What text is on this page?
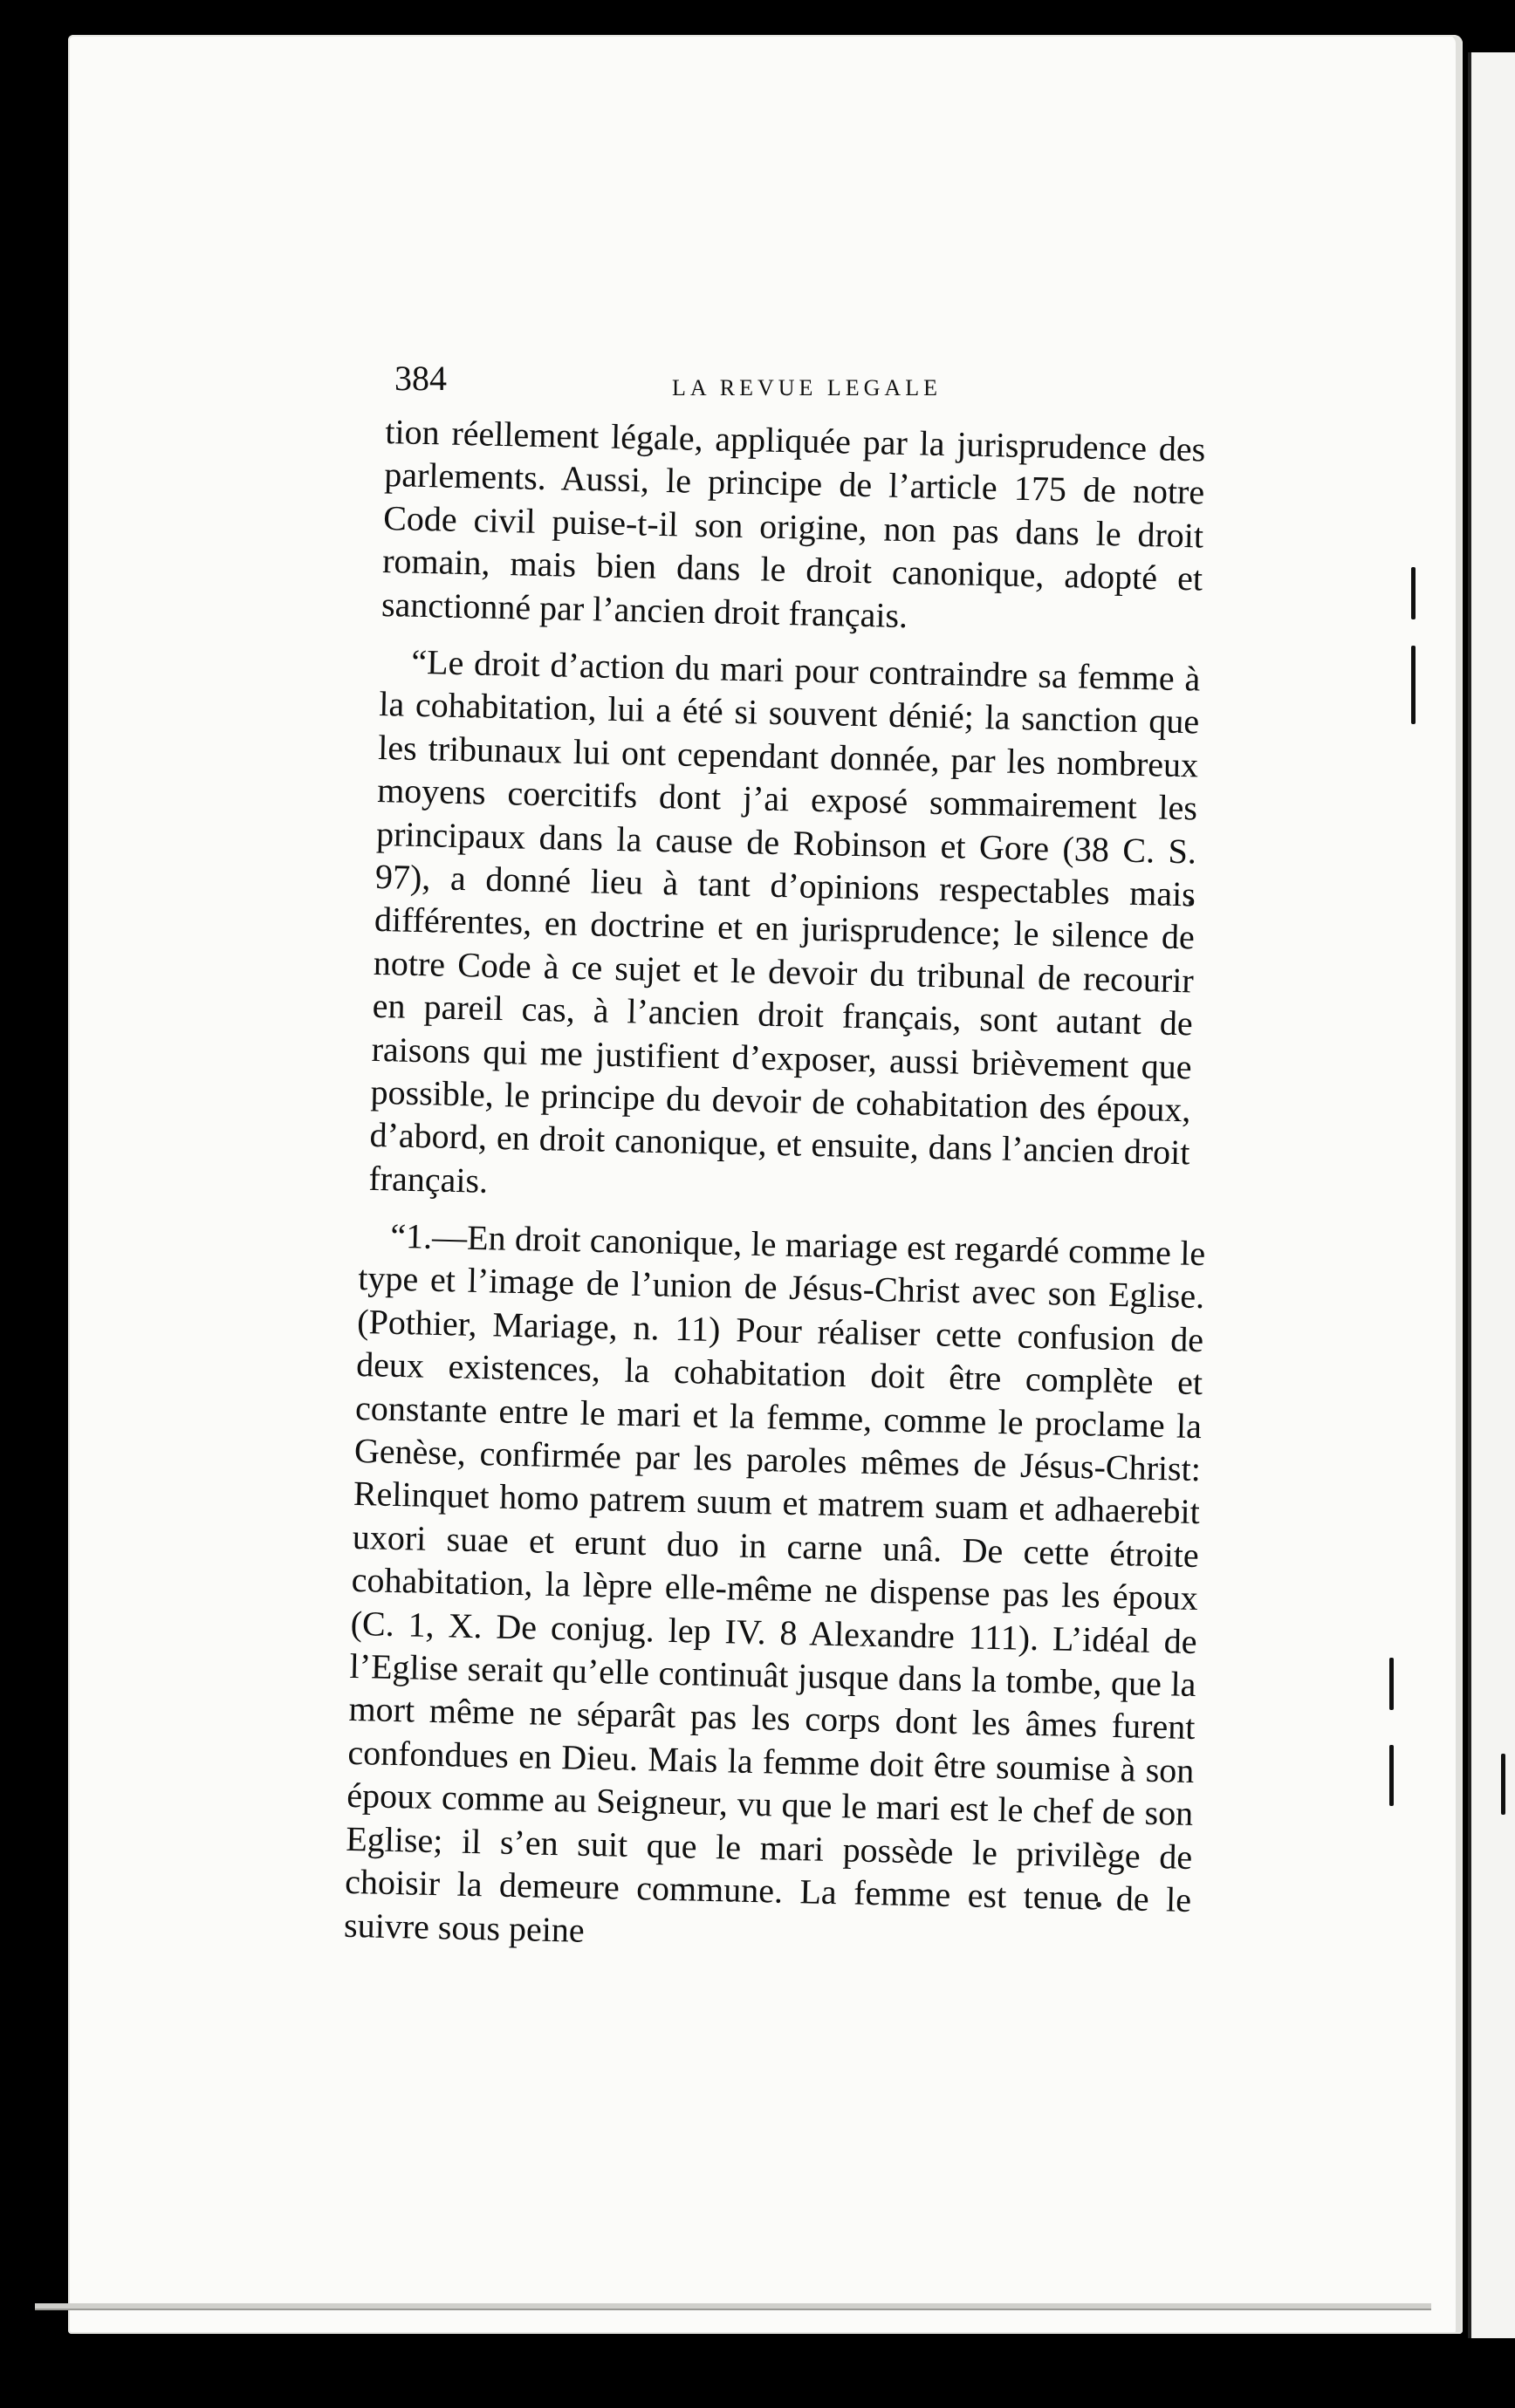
384	LA REVUE LEGALE

tion réellement légale, appliquée par la jurisprudence des parlements. Aussi, le principe de l’article 175 de notre Code civil puise-t-il son origine, non pas dans le droit romain, mais bien dans le droit canonique, adopté et sanctionné par l’ancien droit français.

“Le droit d’action du mari pour contraindre sa femme à la cohabitation, lui a été si souvent dénié; la sanction que les tribunaux lui ont cependant donnée, par les nombreux moyens coercitifs dont j’ai exposé sommairement les principaux dans la cause de Robinson et Gore (38 C. S. 97), a donné lieu à tant d’opinions respectables mais différentes, en doctrine et en jurisprudence; le silence de notre Code à ce sujet et le devoir du tribunal de recourir en pareil cas, à l’ancien droit français, sont autant de raisons qui me justifient d’exposer, aussi brièvement que possible, le principe du devoir de cohabitation des époux, d’abord, en droit canonique, et ensuite, dans l’ancien droit français.

“1.—En droit canonique, le mariage est regardé comme le type et l’image de l’union de Jésus-Christ avec son Eglise. (Pothier, Mariage, n. 11) Pour réaliser cette confusion de deux existences, la cohabitation doit être complète et constante entre le mari et la femme, comme le proclame la Genèse, confirmée par les paroles mêmes de Jésus-Christ: Relinquet homo patrem suum et matrem suam et adhaerebit uxori suae et erunt duo in carne unâ. De cette étroite cohabitation, la lèpre elle-même ne dispense pas les époux (C. 1, X. De conjug. lep IV. 8 Alexandre 111). L’idéal de l’Eglise serait qu’elle continuât jusque dans la tombe, que la mort même ne séparât pas les corps dont les âmes furent confondues en Dieu. Mais la femme doit être soumise à son époux comme au Seigneur, vu que le mari est le chef de son Eglise; il s’en suit que le mari possède le privilège de choisir la demeure commune. La femme est tenue de le suivre sous peine
